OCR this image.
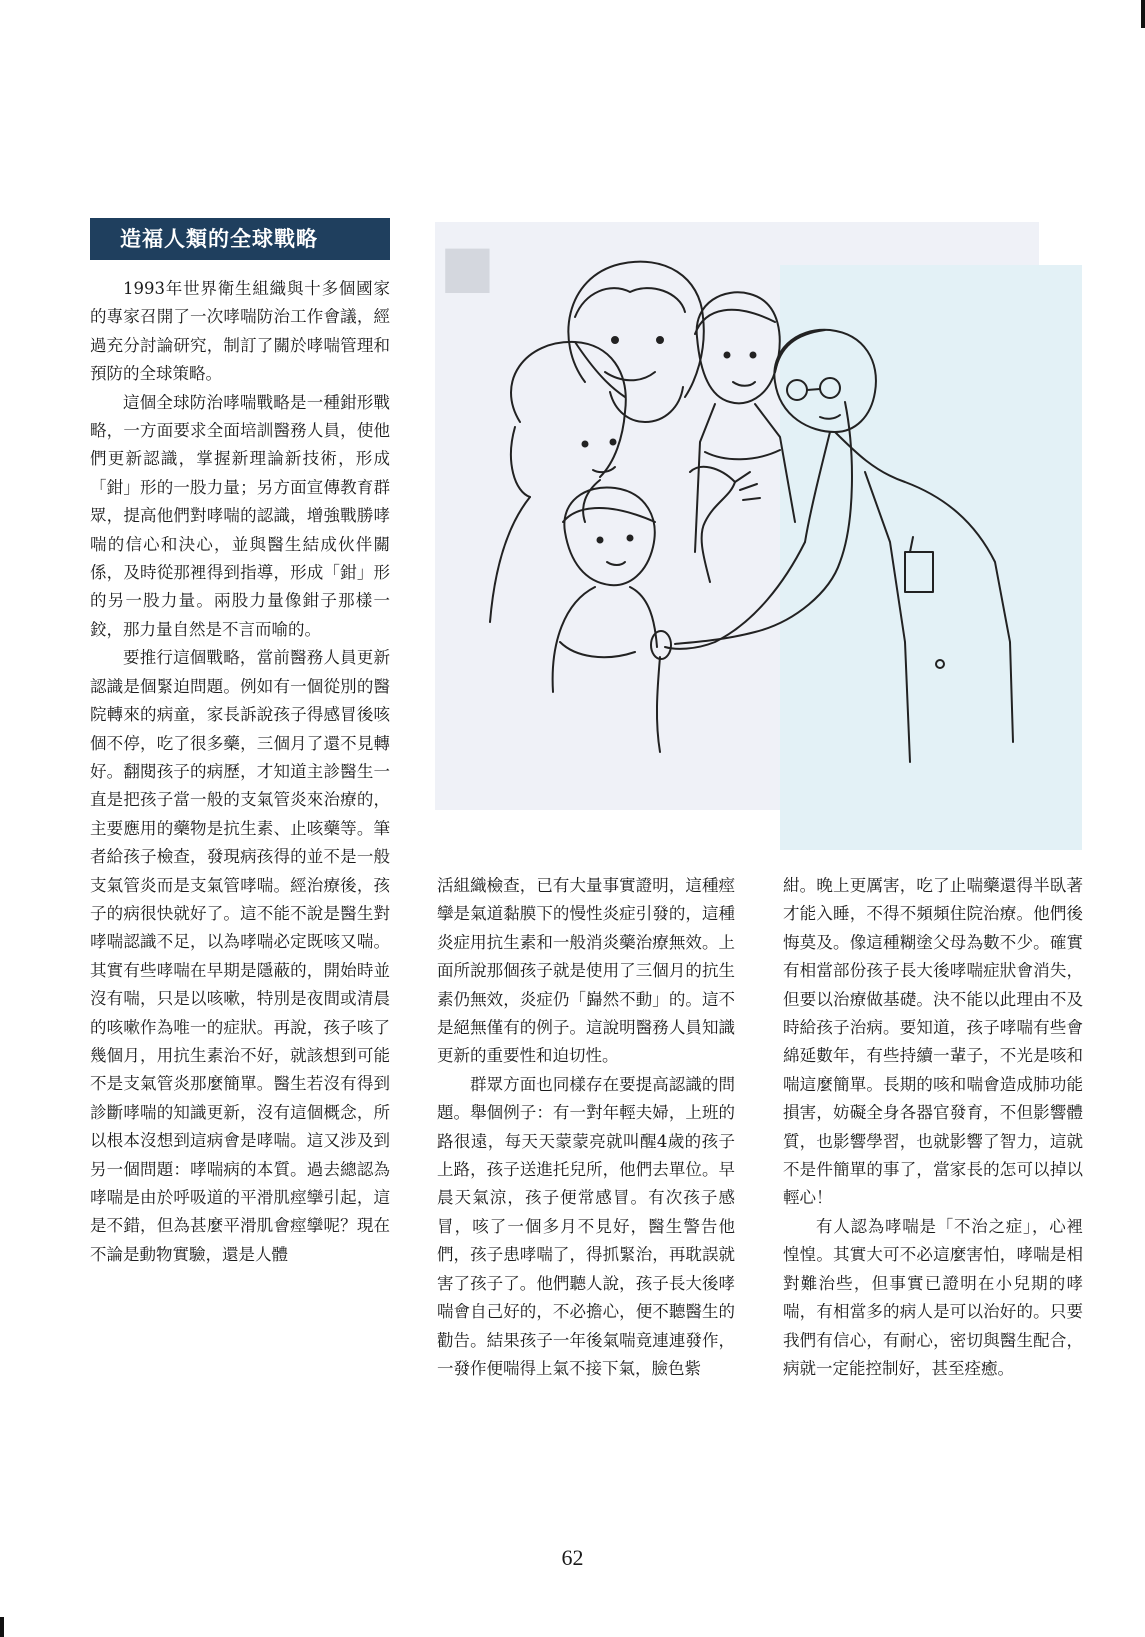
造福人類的全球戰略

1993年世界衛生組織與十多個國家的專家召開了一次哮喘防治工作會議，經過充分討論研究，制訂了關於哮喘管理和預防的全球策略。

這個全球防治哮喘戰略是一種鉗形戰略，一方面要求全面培訓醫務人員，使他們更新認識，掌握新理論新技術，形成「鉗」形的一股力量；另方面宣傳教育群眾，提高他們對哮喘的認識，增強戰勝哮喘的信心和決心，並與醫生結成伙伴關係，及時從那裡得到指導，形成「鉗」形的另一股力量。兩股力量像鉗子那樣一鉸，那力量自然是不言而喻的。

要推行這個戰略，當前醫務人員更新認識是個緊迫問題。例如有一個從別的醫院轉來的病童，家長訴說孩子得感冒後咳個不停，吃了很多藥，三個月了還不見轉好。翻閱孩子的病歷，才知道主診醫生一直是把孩子當一般的支氣管炎來治療的，主要應用的藥物是抗生素、止咳藥等。筆者給孩子檢查，發現病孩得的並不是一般支氣管炎而是支氣管哮喘。經治療後，孩子的病很快就好了。這不能不說是醫生對哮喘認識不足，以為哮喘必定既咳又喘。其實有些哮喘在早期是隱蔽的，開始時並沒有喘，只是以咳嗽，特別是夜間或清晨的咳嗽作為唯一的症狀。再說，孩子咳了幾個月，用抗生素治不好，就該想到可能不是支氣管炎那麼簡單。醫生若沒有得到診斷哮喘的知識更新，沒有這個概念，所以根本沒想到這病會是哮喘。這又涉及到另一個問題：哮喘病的本質。過去總認為哮喘是由於呼吸道的平滑肌痙攣引起，這是不錯，但為甚麼平滑肌會痙攣呢？現在不論是動物實驗，還是人體

■

活組織檢查，已有大量事實證明，這種痙攣是氣道黏膜下的慢性炎症引發的，這種炎症用抗生素和一般消炎藥治療無效。上面所說那個孩子就是使用了三個月的抗生素仍無效，炎症仍「巋然不動」的。這不是絕無僅有的例子。這說明醫務人員知識更新的重要性和迫切性。

群眾方面也同樣存在要提高認識的問題。舉個例子：有一對年輕夫婦，上班的路很遠，每天天蒙蒙亮就叫醒4歲的孩子上路，孩子送進托兒所，他們去單位。早晨天氣涼，孩子便常感冒。有次孩子感冒，咳了一個多月不見好，醫生警告他們，孩子患哮喘了，得抓緊治，再耽誤就害了孩子了。他們聽人說，孩子長大後哮喘會自己好的，不必擔心，便不聽醫生的勸告。結果孩子一年後氣喘竟連連發作，一發作便喘得上氣不接下氣，臉色紫

紺。晚上更厲害，吃了止喘藥還得半臥著才能入睡，不得不頻頻住院治療。他們後悔莫及。像這種糊塗父母為數不少。確實有相當部份孩子長大後哮喘症狀會消失，但要以治療做基礎。決不能以此理由不及時給孩子治病。要知道，孩子哮喘有些會綿延數年，有些持續一輩子，不光是咳和喘這麼簡單。長期的咳和喘會造成肺功能損害，妨礙全身各器官發育，不但影響體質，也影響學習，也就影響了智力，這就不是件簡單的事了，當家長的怎可以掉以輕心！

有人認為哮喘是「不治之症」，心裡惶惶。其實大可不必這麼害怕，哮喘是相對難治些，但事實已證明在小兒期的哮喘，有相當多的病人是可以治好的。只要我們有信心，有耐心，密切與醫生配合，病就一定能控制好，甚至痊癒。

62
